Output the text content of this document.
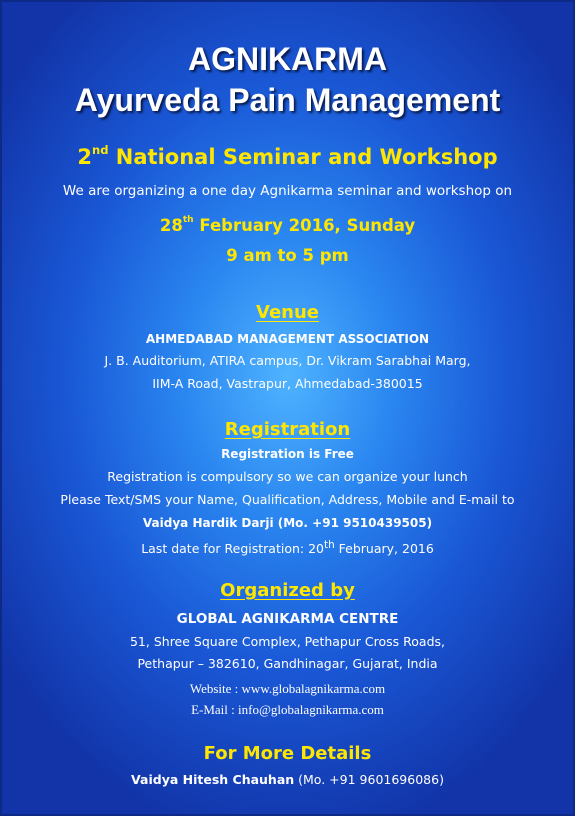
AGNIKARMA
Ayurveda Pain Management
2nd National Seminar and Workshop
We are organizing a one day Agnikarma seminar and workshop on
28th February 2016, Sunday
9 am to 5 pm
Venue
AHMEDABAD MANAGEMENT ASSOCIATION
J. B. Auditorium, ATIRA campus, Dr. Vikram Sarabhai Marg,
IIM-A Road, Vastrapur, Ahmedabad-380015
Registration
Registration is Free
Registration is compulsory so we can organize your lunch
Please Text/SMS your Name, Qualification, Address, Mobile and E-mail to
Vaidya Hardik Darji (Mo. +91 9510439505)
Last date for Registration: 20th February, 2016
Organized by
GLOBAL AGNIKARMA CENTRE
51, Shree Square Complex, Pethapur Cross Roads,
Pethapur – 382610, Gandhinagar, Gujarat, India
Website : www.globalagnikarma.com
E-Mail : info@globalagnikarma.com
For More Details
Vaidya Hitesh Chauhan (Mo. +91 9601696086)
